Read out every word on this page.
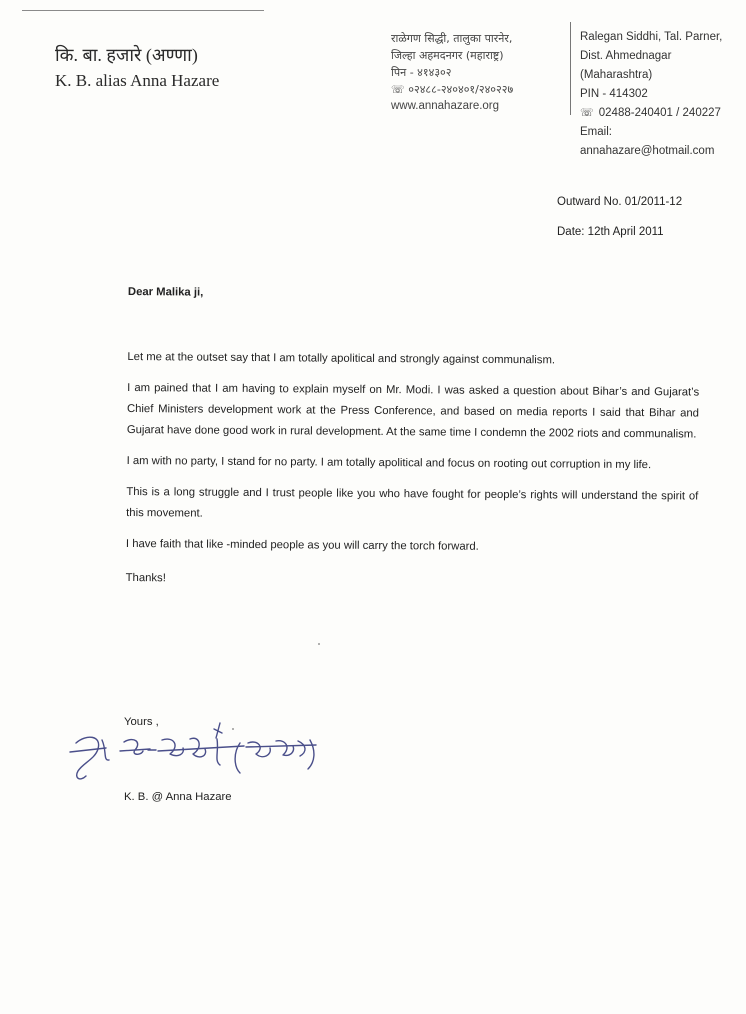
कि. बा. हजारे (अण्णा)
K. B. alias Anna Hazare
राळेगण सिद्धी, तालुका पारनेर,
जिल्हा अहमदनगर (महाराष्ट्र)
पिन - ४१४३०२
☏ ०२४८८-२४०४०१/२४०२२७
www.annahazare.org
Ralegan Siddhi, Tal. Parner,
Dist. Ahmednagar (Maharashtra)
PIN - 414302
☏ 02488-240401 / 240227
Email: annahazare@hotmail.com
Outward No. 01/2011-12
Date: 12th April 2011

Dear Malika ji,

Let me at the outset say that I am totally apolitical and strongly against communalism.

I am pained that I am having to explain myself on Mr. Modi. I was asked a question about Bihar’s and Gujarat’s Chief Ministers development work at the Press Conference, and based on media reports I said that Bihar and Gujarat have done good work in rural development. At the same time I condemn the 2002 riots and communalism.

I am with no party, I stand for no party. I am totally apolitical and focus on rooting out corruption in my life.

This is a long struggle and I trust people like you who have fought for people’s rights will understand the spirit of this movement.

I have faith that like -minded people as you will carry the torch forward.

Thanks!

Yours ,
K. B. @ Anna Hazare
